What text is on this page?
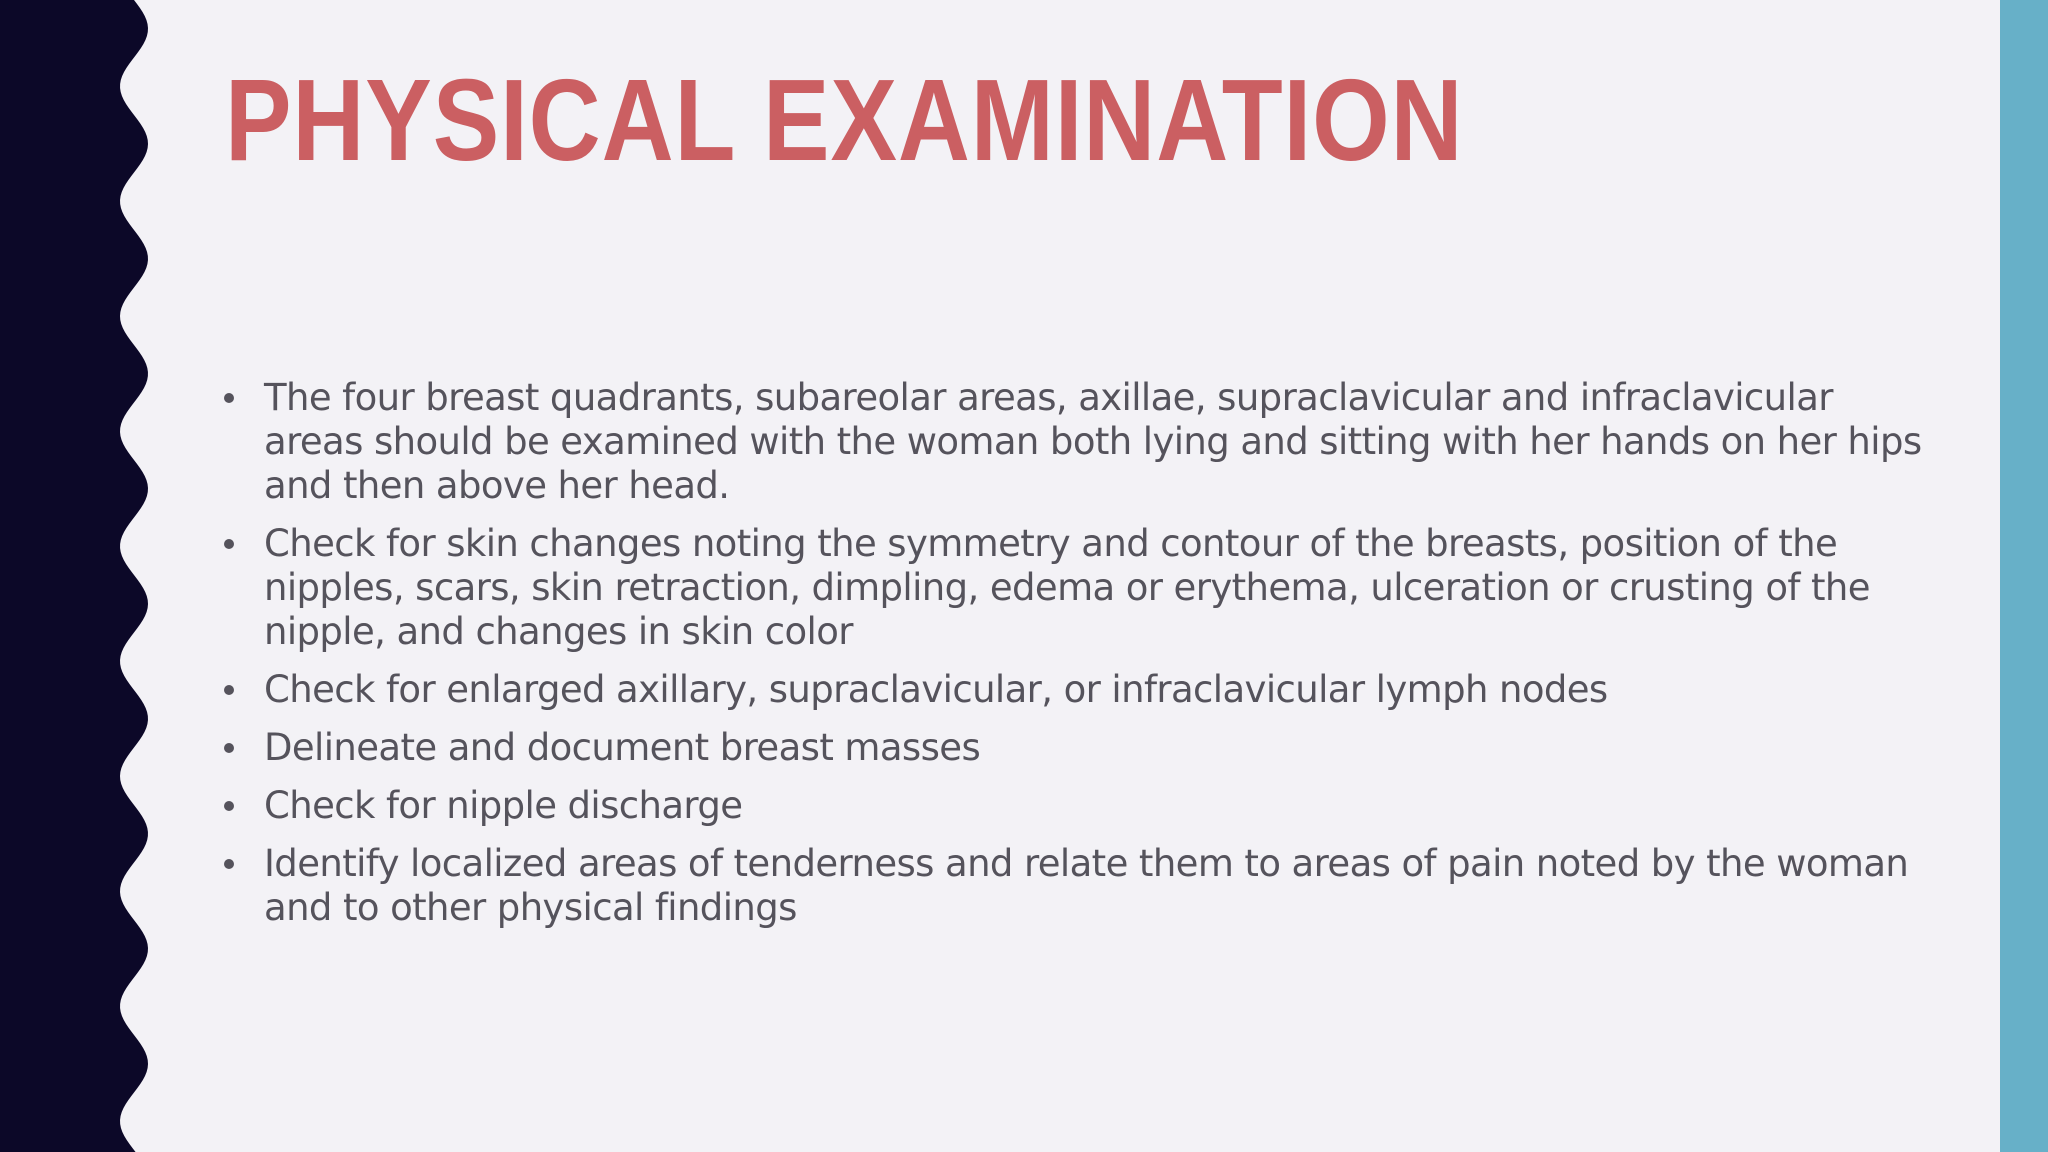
PHYSICAL EXAMINATION
The four breast quadrants, subareolar areas, axillae, supraclavicular and infraclavicular areas should be examined with the woman both lying and sitting with her hands on her hips and then above her head.
Check for skin changes noting the symmetry and contour of the breasts, position of the nipples, scars, skin retraction, dimpling, edema or erythema, ulceration or crusting of the nipple, and changes in skin color
Check for enlarged axillary, supraclavicular, or infraclavicular lymph nodes
Delineate and document breast masses
Check for nipple discharge
Identify localized areas of tenderness and relate them to areas of pain noted by the woman and to other physical findings
